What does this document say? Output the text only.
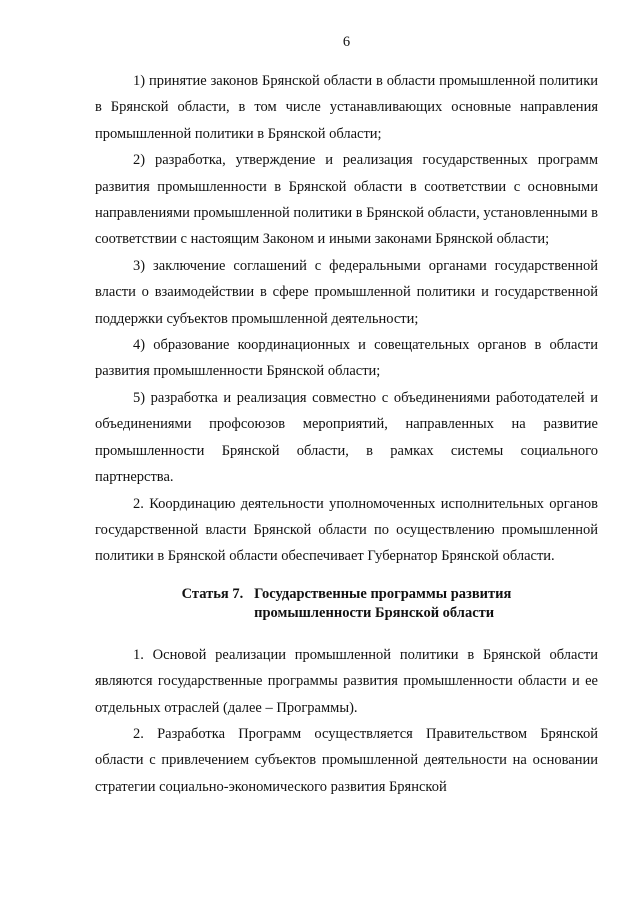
6

1) принятие законов Брянской области в области промышленной политики в Брянской области, в том числе устанавливающих основные направления промышленной политики в Брянской области;

2) разработка, утверждение и реализация государственных программ развития промышленности в Брянской области в соответствии с основными направлениями промышленной политики в Брянской области, установленными в соответствии с настоящим Законом и иными законами Брянской области;

3) заключение соглашений с федеральными органами государственной власти о взаимодействии в сфере промышленной политики и государственной поддержки субъектов промышленной деятельности;

4) образование координационных и совещательных органов в области развития промышленности Брянской области;

5) разработка и реализация совместно с объединениями работодателей и объединениями профсоюзов мероприятий, направленных на развитие промышленности Брянской области, в рамках системы социального партнерства.

2. Координацию деятельности уполномоченных исполнительных органов государственной власти Брянской области по осуществлению промышленной политики в Брянской области обеспечивает Губернатор Брянской области.

Статья 7. Государственные программы развития
промышленности Брянской области

1. Основой реализации промышленной политики в Брянской области являются государственные программы развития промышленности области и ее отдельных отраслей (далее – Программы).

2. Разработка Программ осуществляется Правительством Брянской области с привлечением субъектов промышленной деятельности на основании стратегии социально-экономического развития Брянской
